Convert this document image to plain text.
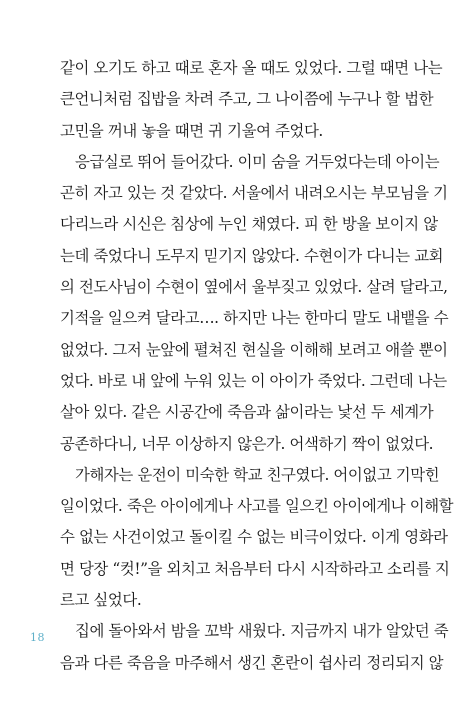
같이 오기도 하고 때로 혼자 올 때도 있었다. 그럴 때면 나는
큰언니처럼 집밥을 차려 주고, 그 나이쯤에 누구나 할 법한
고민을 꺼내 놓을 때면 귀 기울여 주었다.
응급실로 뛰어 들어갔다. 이미 숨을 거두었다는데 아이는
곤히 자고 있는 것 같았다. 서울에서 내려오시는 부모님을 기
다리느라 시신은 침상에 누인 채였다. 피 한 방울 보이지 않
는데 죽었다니 도무지 믿기지 않았다. 수현이가 다니는 교회
의 전도사님이 수현이 옆에서 울부짖고 있었다. 살려 달라고,
기적을 일으켜 달라고…. 하지만 나는 한마디 말도 내뱉을 수
없었다. 그저 눈앞에 펼쳐진 현실을 이해해 보려고 애쓸 뿐이
었다. 바로 내 앞에 누워 있는 이 아이가 죽었다. 그런데 나는
살아 있다. 같은 시공간에 죽음과 삶이라는 낯선 두 세계가
공존하다니, 너무 이상하지 않은가. 어색하기 짝이 없었다.
가해자는 운전이 미숙한 학교 친구였다. 어이없고 기막힌
일이었다. 죽은 아이에게나 사고를 일으킨 아이에게나 이해할
수 없는 사건이었고 돌이킬 수 없는 비극이었다. 이게 영화라
면 당장 “컷!”을 외치고 처음부터 다시 시작하라고 소리를 지
르고 싶었다.
집에 돌아와서 밤을 꼬박 새웠다. 지금까지 내가 알았던 죽
음과 다른 죽음을 마주해서 생긴 혼란이 쉽사리 정리되지 않
18
